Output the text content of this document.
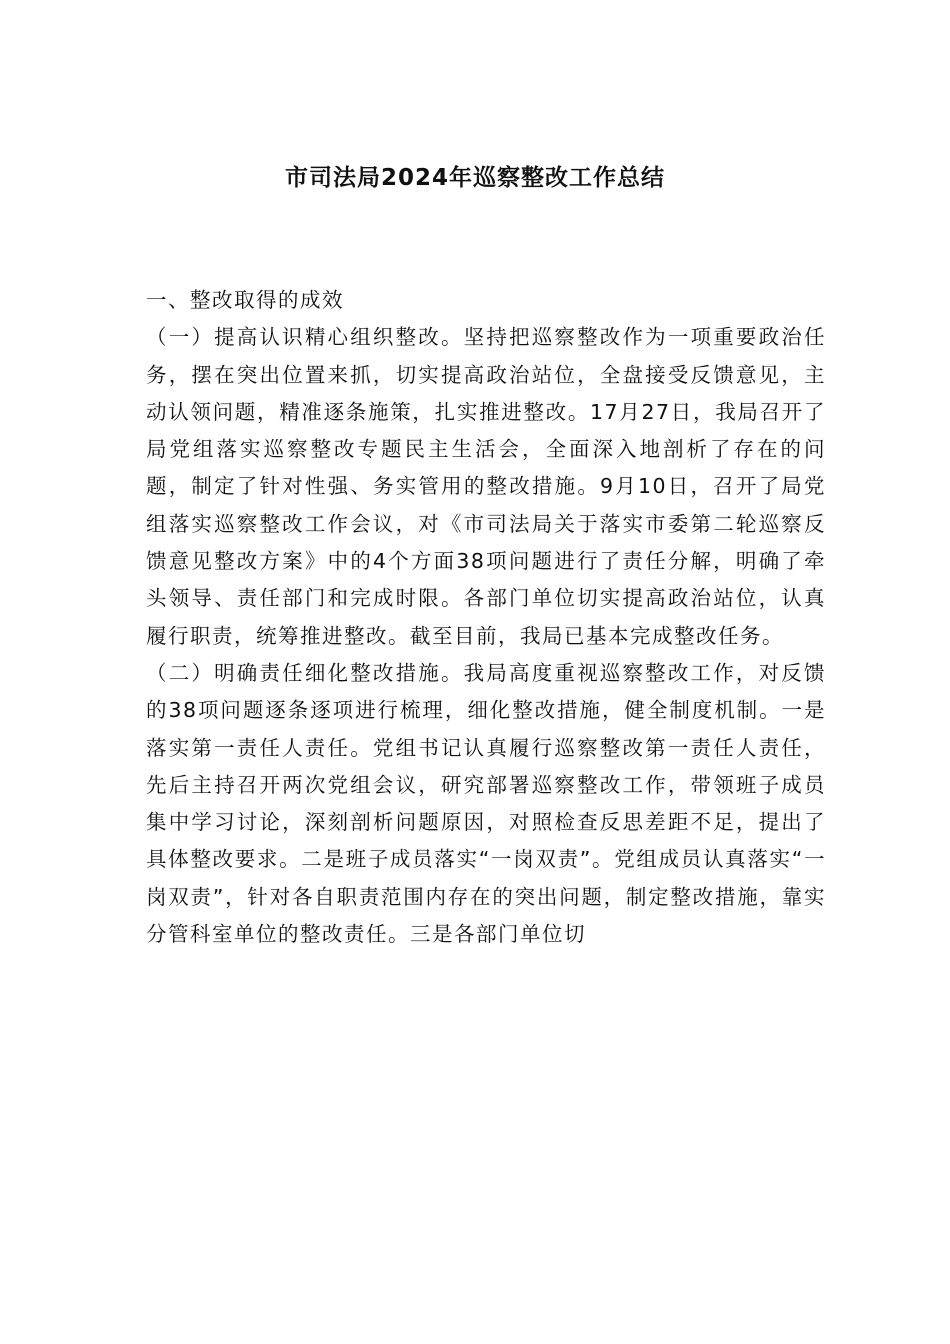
市司法局2024年巡察整改工作总结

一、整改取得的成效

（一）提高认识精心组织整改。坚持把巡察整改作为一项重要政治任务，摆在突出位置来抓，切实提高政治站位，全盘接受反馈意见，主动认领问题，精准逐条施策，扎实推进整改。17月27日，我局召开了局党组落实巡察整改专题民主生活会，全面深入地剖析了存在的问题，制定了针对性强、务实管用的整改措施。9月10日，召开了局党组落实巡察整改工作会议，对《市司法局关于落实市委第二轮巡察反馈意见整改方案》中的4个方面38项问题进行了责任分解，明确了牵头领导、责任部门和完成时限。各部门单位切实提高政治站位，认真履行职责，统筹推进整改。截至目前，我局已基本完成整改任务。

（二）明确责任细化整改措施。我局高度重视巡察整改工作，对反馈的38项问题逐条逐项进行梳理，细化整改措施，健全制度机制。一是落实第一责任人责任。党组书记认真履行巡察整改第一责任人责任，先后主持召开两次党组会议，研究部署巡察整改工作，带领班子成员集中学习讨论，深刻剖析问题原因，对照检查反思差距不足，提出了具体整改要求。二是班子成员落实“一岗双责”。党组成员认真落实“一岗双责”，针对各自职责范围内存在的突出问题，制定整改措施，靠实分管科室单位的整改责任。三是各部门单位切
